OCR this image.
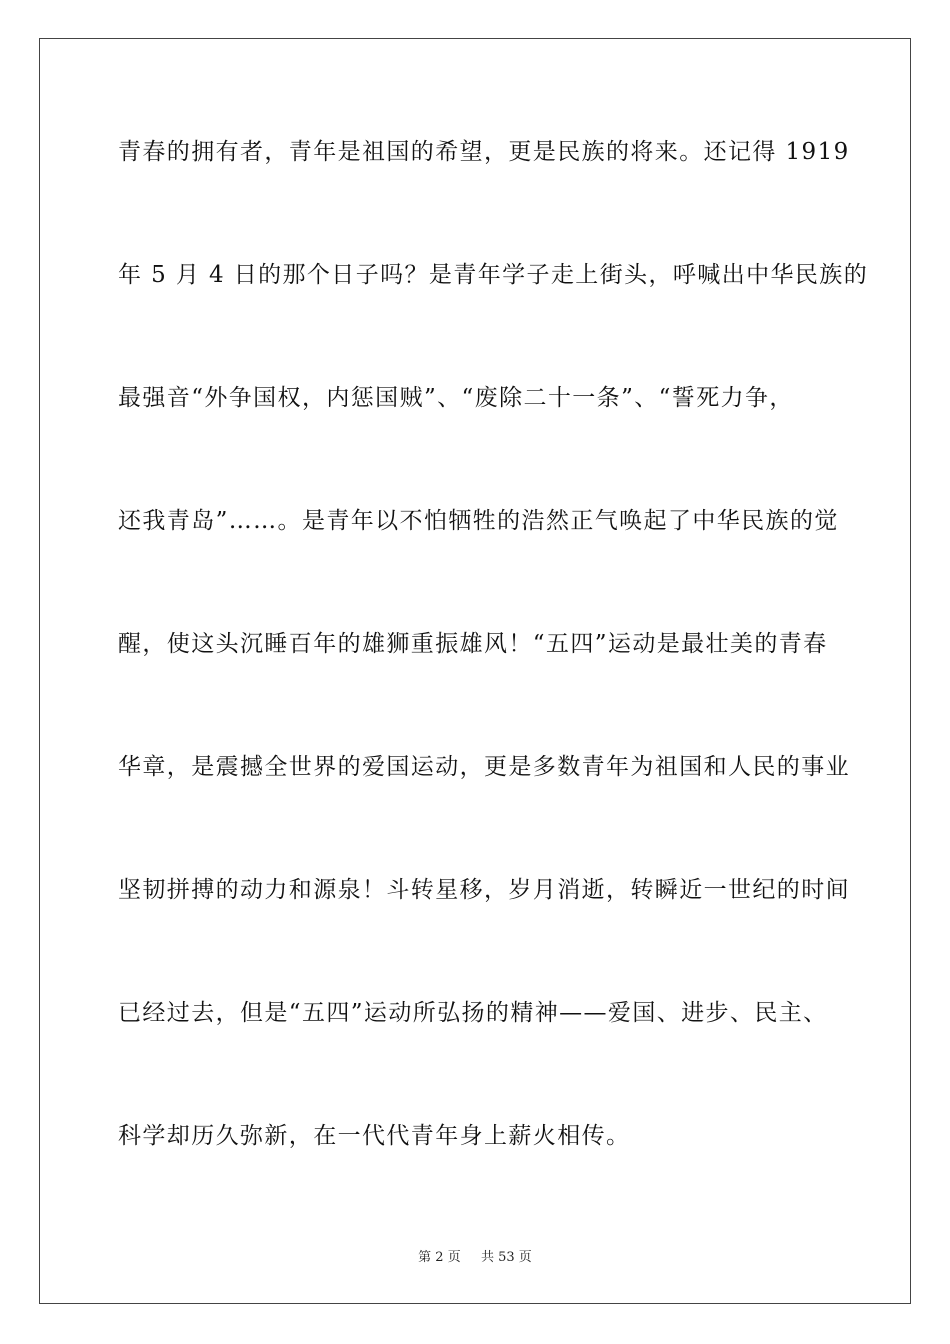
青春的拥有者，青年是祖国的希望，更是民族的将来。还记得 1919
年 5 月 4 日的那个日子吗？是青年学子走上街头，呼喊出中华民族的
最强音“外争国权，内惩国贼”、“废除二十一条”、“誓死力争，
还我青岛”……。是青年以不怕牺牲的浩然正气唤起了中华民族的觉
醒，使这头沉睡百年的雄狮重振雄风！“五四”运动是最壮美的青春
华章，是震撼全世界的爱国运动，更是多数青年为祖国和人民的事业
坚韧拼搏的动力和源泉！斗转星移，岁月消逝，转瞬近一世纪的时间
已经过去，但是“五四”运动所弘扬的精神——爱国、进步、民主、
科学却历久弥新，在一代代青年身上薪火相传。
第 2 页 共 53 页
